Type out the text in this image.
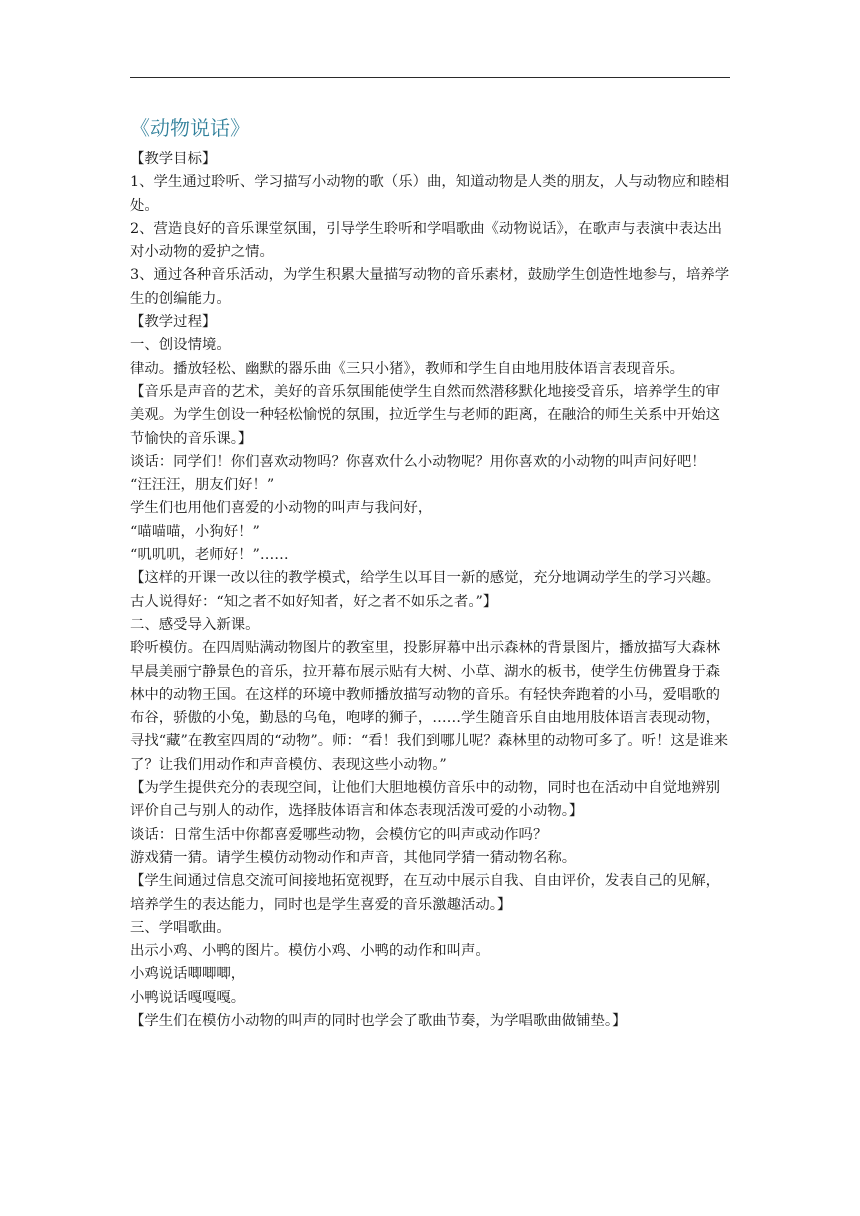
《动物说话》

【教学目标】

1、学生通过聆听、学习描写小动物的歌（乐）曲，知道动物是人类的朋友，人与动物应和睦相处。

2、营造良好的音乐课堂氛围，引导学生聆听和学唱歌曲《动物说话》，在歌声与表演中表达出对小动物的爱护之情。

3、通过各种音乐活动，为学生积累大量描写动物的音乐素材，鼓励学生创造性地参与，培养学生的创编能力。

【教学过程】

一、创设情境。

律动。播放轻松、幽默的器乐曲《三只小猪》，教师和学生自由地用肢体语言表现音乐。

【音乐是声音的艺术，美好的音乐氛围能使学生自然而然潜移默化地接受音乐，培养学生的审美观。为学生创设一种轻松愉悦的氛围，拉近学生与老师的距离，在融洽的师生关系中开始这节愉快的音乐课。】

谈话：同学们！你们喜欢动物吗？你喜欢什么小动物呢？用你喜欢的小动物的叫声问好吧！

“汪汪汪，朋友们好！”

学生们也用他们喜爱的小动物的叫声与我问好，

“喵喵喵，小狗好！”

“叽叽叽，老师好！”……

【这样的开课一改以往的教学模式，给学生以耳目一新的感觉，充分地调动学生的学习兴趣。古人说得好：“知之者不如好知者，好之者不如乐之者。”】

二、感受导入新课。

聆听模仿。在四周贴满动物图片的教室里，投影屏幕中出示森林的背景图片，播放描写大森林早晨美丽宁静景色的音乐，拉开幕布展示贴有大树、小草、湖水的板书，使学生仿佛置身于森林中的动物王国。在这样的环境中教师播放描写动物的音乐。有轻快奔跑着的小马，爱唱歌的布谷，骄傲的小兔，勤恳的乌龟，咆哮的狮子，……学生随音乐自由地用肢体语言表现动物，寻找“藏”在教室四周的“动物”。师：“看！我们到哪儿呢？森林里的动物可多了。听！这是谁来了？让我们用动作和声音模仿、表现这些小动物。”

【为学生提供充分的表现空间，让他们大胆地模仿音乐中的动物，同时也在活动中自觉地辨别评价自己与别人的动作，选择肢体语言和体态表现活泼可爱的小动物。】

谈话：日常生活中你都喜爱哪些动物，会模仿它的叫声或动作吗？

游戏猜一猜。请学生模仿动物动作和声音，其他同学猜一猜动物名称。

【学生间通过信息交流可间接地拓宽视野，在互动中展示自我、自由评价，发表自己的见解，培养学生的表达能力，同时也是学生喜爱的音乐激趣活动。】

三、学唱歌曲。

出示小鸡、小鸭的图片。模仿小鸡、小鸭的动作和叫声。

小鸡说话唧唧唧，

小鸭说话嘎嘎嘎。

【学生们在模仿小动物的叫声的同时也学会了歌曲节奏，为学唱歌曲做铺垫。】
